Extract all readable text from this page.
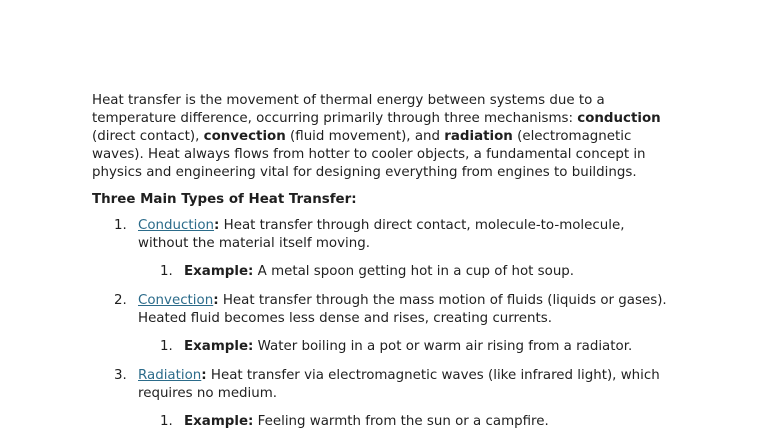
Heat transfer is the movement of thermal energy between systems due to a temperature difference, occurring primarily through three mechanisms: conduction (direct contact), convection (fluid movement), and radiation (electromagnetic waves). Heat always flows from hotter to cooler objects, a fundamental concept in physics and engineering vital for designing everything from engines to buildings.

Three Main Types of Heat Transfer:

1. Conduction: Heat transfer through direct contact, molecule-to-molecule, without the material itself moving.
1. Example: A metal spoon getting hot in a cup of hot soup.
2. Convection: Heat transfer through the mass motion of fluids (liquids or gases). Heated fluid becomes less dense and rises, creating currents.
1. Example: Water boiling in a pot or warm air rising from a radiator.
3. Radiation: Heat transfer via electromagnetic waves (like infrared light), which requires no medium.
1. Example: Feeling warmth from the sun or a campfire.
